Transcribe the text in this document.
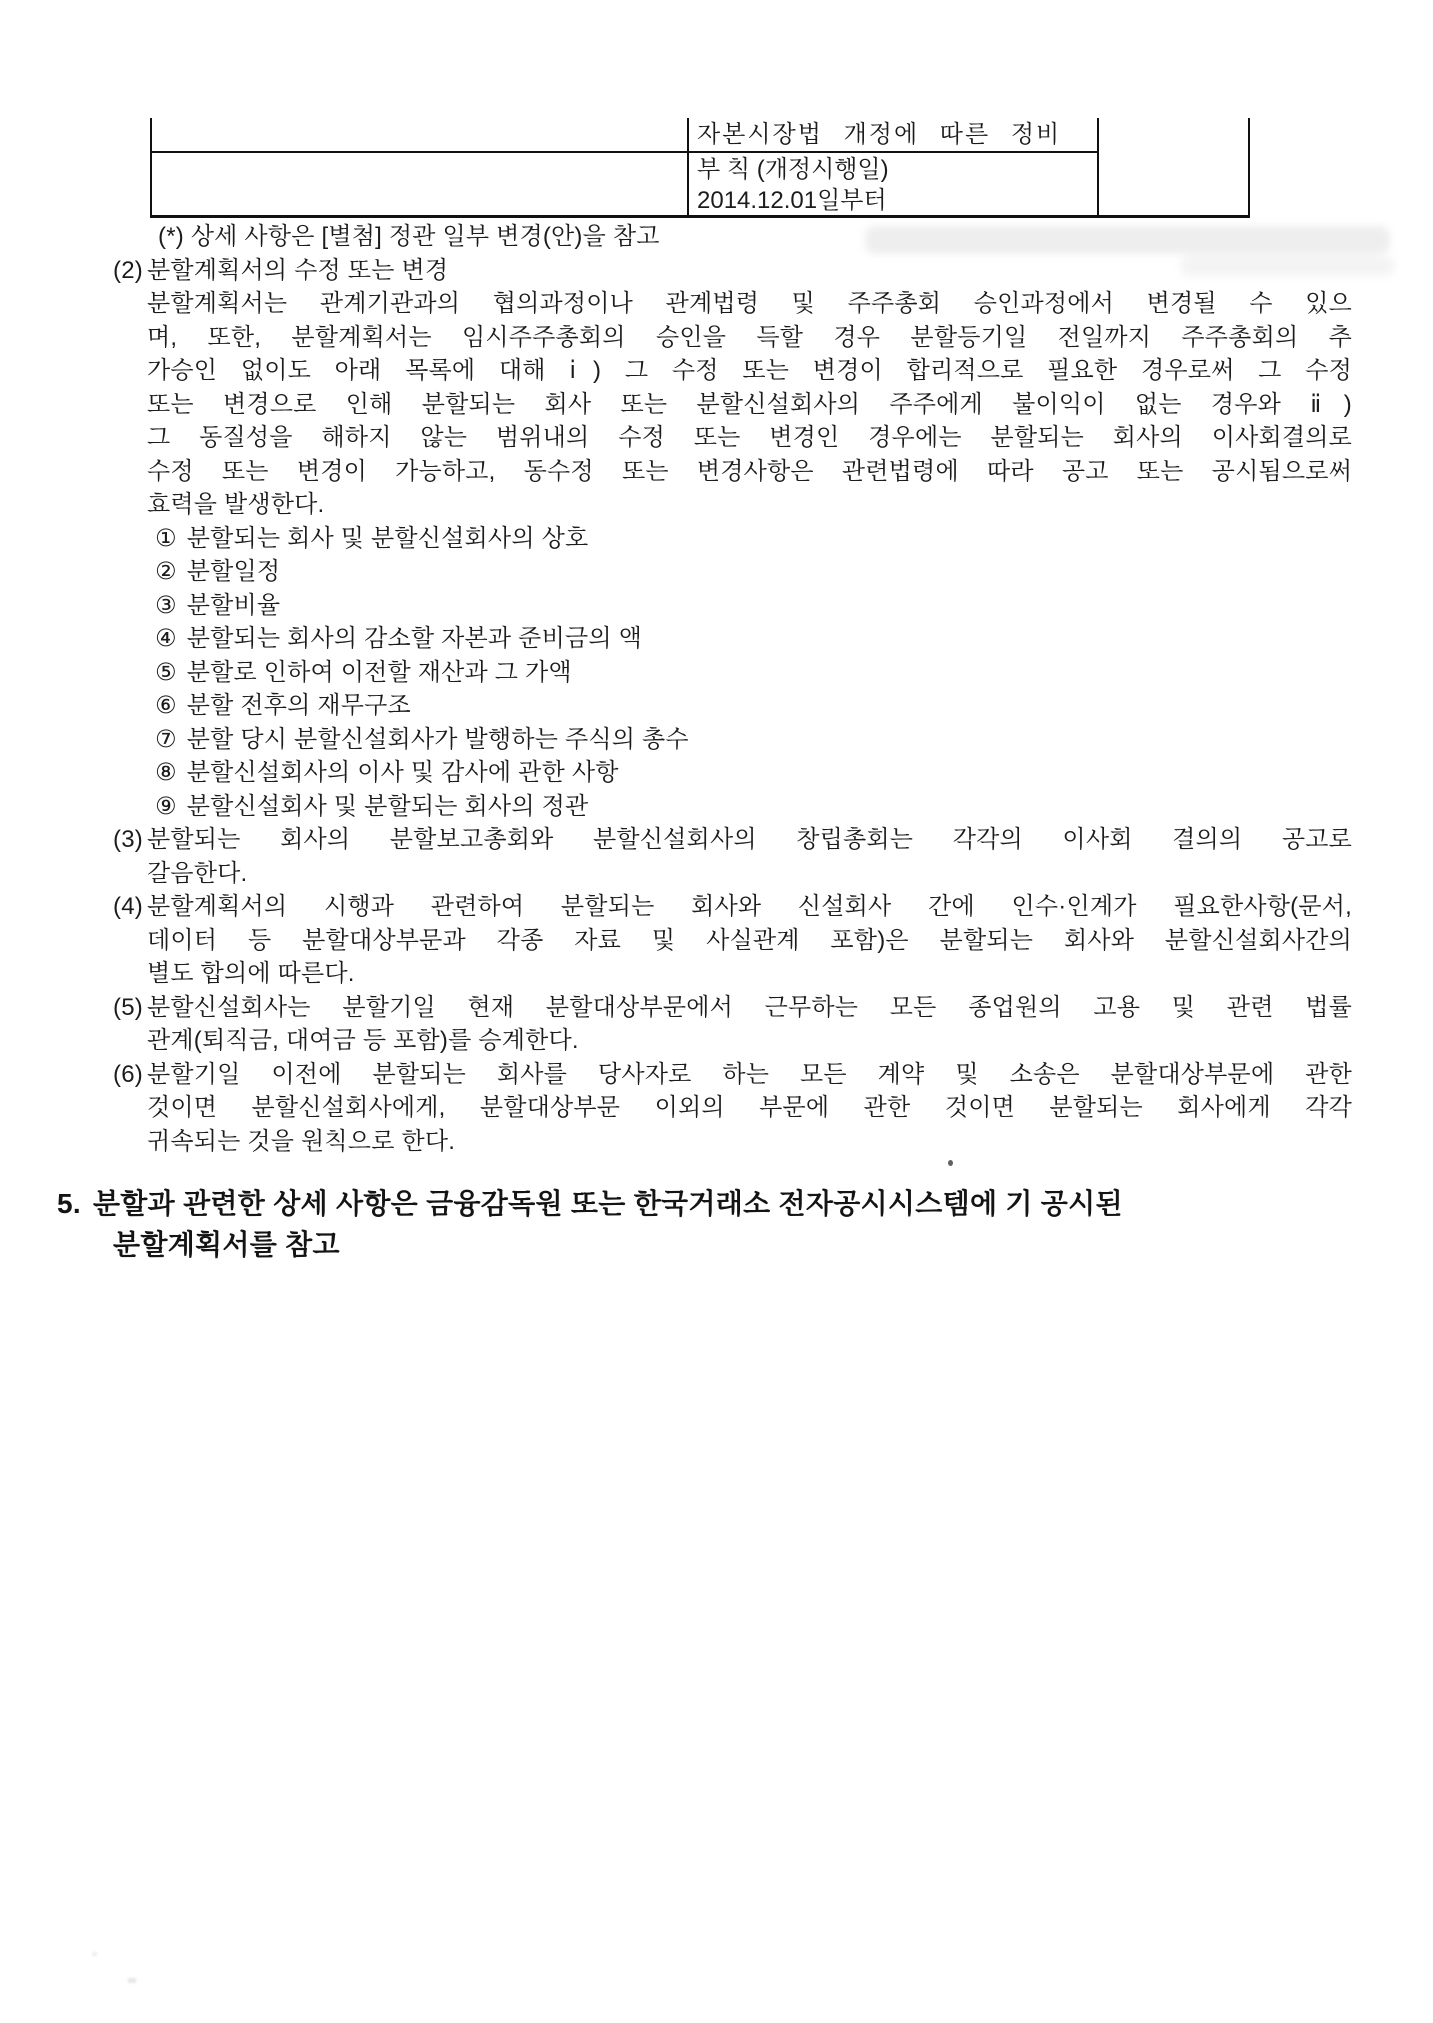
자본시장법 개정에 따른 정비
부 칙 (개정시행일)
2014.12.01일부터
(*) 상세 사항은 [별첨] 정관 일부 변경(안)을 참고
(2) 분할계획서의 수정 또는 변경
분할계획서는 관계기관과의 협의과정이나 관계법령 및 주주총회 승인과정에서 변경될 수 있으
며, 또한, 분할계획서는 임시주주총회의 승인을 득할 경우 분할등기일 전일까지 주주총회의 추
가승인 없이도 아래 목록에 대해 ⅰ) 그 수정 또는 변경이 합리적으로 필요한 경우로써 그 수정
또는 변경으로 인해 분할되는 회사 또는 분할신설회사의 주주에게 불이익이 없는 경우와 ⅱ)
그 동질성을 해하지 않는 범위내의 수정 또는 변경인 경우에는 분할되는 회사의 이사회결의로
수정 또는 변경이 가능하고, 동수정 또는 변경사항은 관련법령에 따라 공고 또는 공시됨으로써
효력을 발생한다.
① 분할되는 회사 및 분할신설회사의 상호
② 분할일정
③ 분할비율
④ 분할되는 회사의 감소할 자본과 준비금의 액
⑤ 분할로 인하여 이전할 재산과 그 가액
⑥ 분할 전후의 재무구조
⑦ 분할 당시 분할신설회사가 발행하는 주식의 총수
⑧ 분할신설회사의 이사 및 감사에 관한 사항
⑨ 분할신설회사 및 분할되는 회사의 정관
(3) 분할되는 회사의 분할보고총회와 분할신설회사의 창립총회는 각각의 이사회 결의의 공고로
갈음한다.
(4) 분할계획서의 시행과 관련하여 분할되는 회사와 신설회사 간에 인수·인계가 필요한사항(문서,
데이터 등 분할대상부문과 각종 자료 및 사실관계 포함)은 분할되는 회사와 분할신설회사간의
별도 합의에 따른다.
(5) 분할신설회사는 분할기일 현재 분할대상부문에서 근무하는 모든 종업원의 고용 및 관련 법률
관계(퇴직금, 대여금 등 포함)를 승계한다.
(6) 분할기일 이전에 분할되는 회사를 당사자로 하는 모든 계약 및 소송은 분할대상부문에 관한
것이면 분할신설회사에게, 분할대상부문 이외의 부문에 관한 것이면 분할되는 회사에게 각각
귀속되는 것을 원칙으로 한다.
5. 분할과 관련한 상세 사항은 금융감독원 또는 한국거래소 전자공시시스템에 기 공시된
분할계획서를 참고
